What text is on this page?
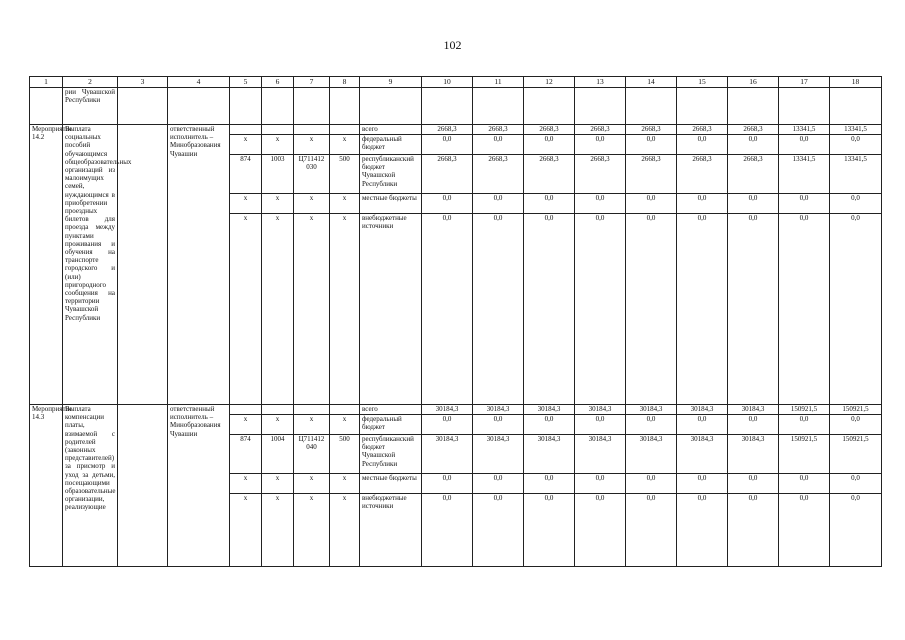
102
1	2	3	4	5	6	7	8	9	10	11	12	13	14	15	16	17	18
	рии Чувашской Республики																
Мероприятие 14.2	Выплата социальных пособий обучающимся общеобразовательных организаций из малоимущих семей, нуждающимся в приобретении проездных билетов для проезда между пунктами проживания и обучения на транспорте городского и (или) пригородного сообщения на территории Чувашской Республики		ответственный исполнитель – Минобразования Чувашии					всего	2668,3	2668,3	2668,3	2668,3	2668,3	2668,3	2668,3	13341,5	13341,5
				x	x	x	x	федеральный бюджет	0,0	0,0	0,0	0,0	0,0	0,0	0,0	0,0	0,0
				874	1003	Ц711412 030	500	республиканский бюджет Чувашской Республики	2668,3	2668,3	2668,3	2668,3	2668,3	2668,3	2668,3	13341,5	13341,5
				x	x	x	x	местные бюджеты	0,0	0,0	0,0	0,0	0,0	0,0	0,0	0,0	0,0
				x	x	x	x	внебюджетные источники	0,0	0,0	0,0	0,0	0,0	0,0	0,0	0,0	0,0
Мероприятие 14.3	Выплата компенсации платы, взимаемой с родителей (законных представителей) за присмотр и уход за детьми, посещающими образовательные организации, реализующие		ответственный исполнитель – Минобразования Чувашии					всего	30184,3	30184,3	30184,3	30184,3	30184,3	30184,3	30184,3	150921,5	150921,5
				x	x	x	x	федеральный бюджет	0,0	0,0	0,0	0,0	0,0	0,0	0,0	0,0	0,0
				874	1004	Ц711412 040	500	республиканский бюджет Чувашской Республики	30184,3	30184,3	30184,3	30184,3	30184,3	30184,3	30184,3	150921,5	150921,5
				x	x	x	x	местные бюджеты	0,0	0,0	0,0	0,0	0,0	0,0	0,0	0,0	0,0
				x	x	x	x	внебюджетные источники	0,0	0,0	0,0	0,0	0,0	0,0	0,0	0,0	0,0
